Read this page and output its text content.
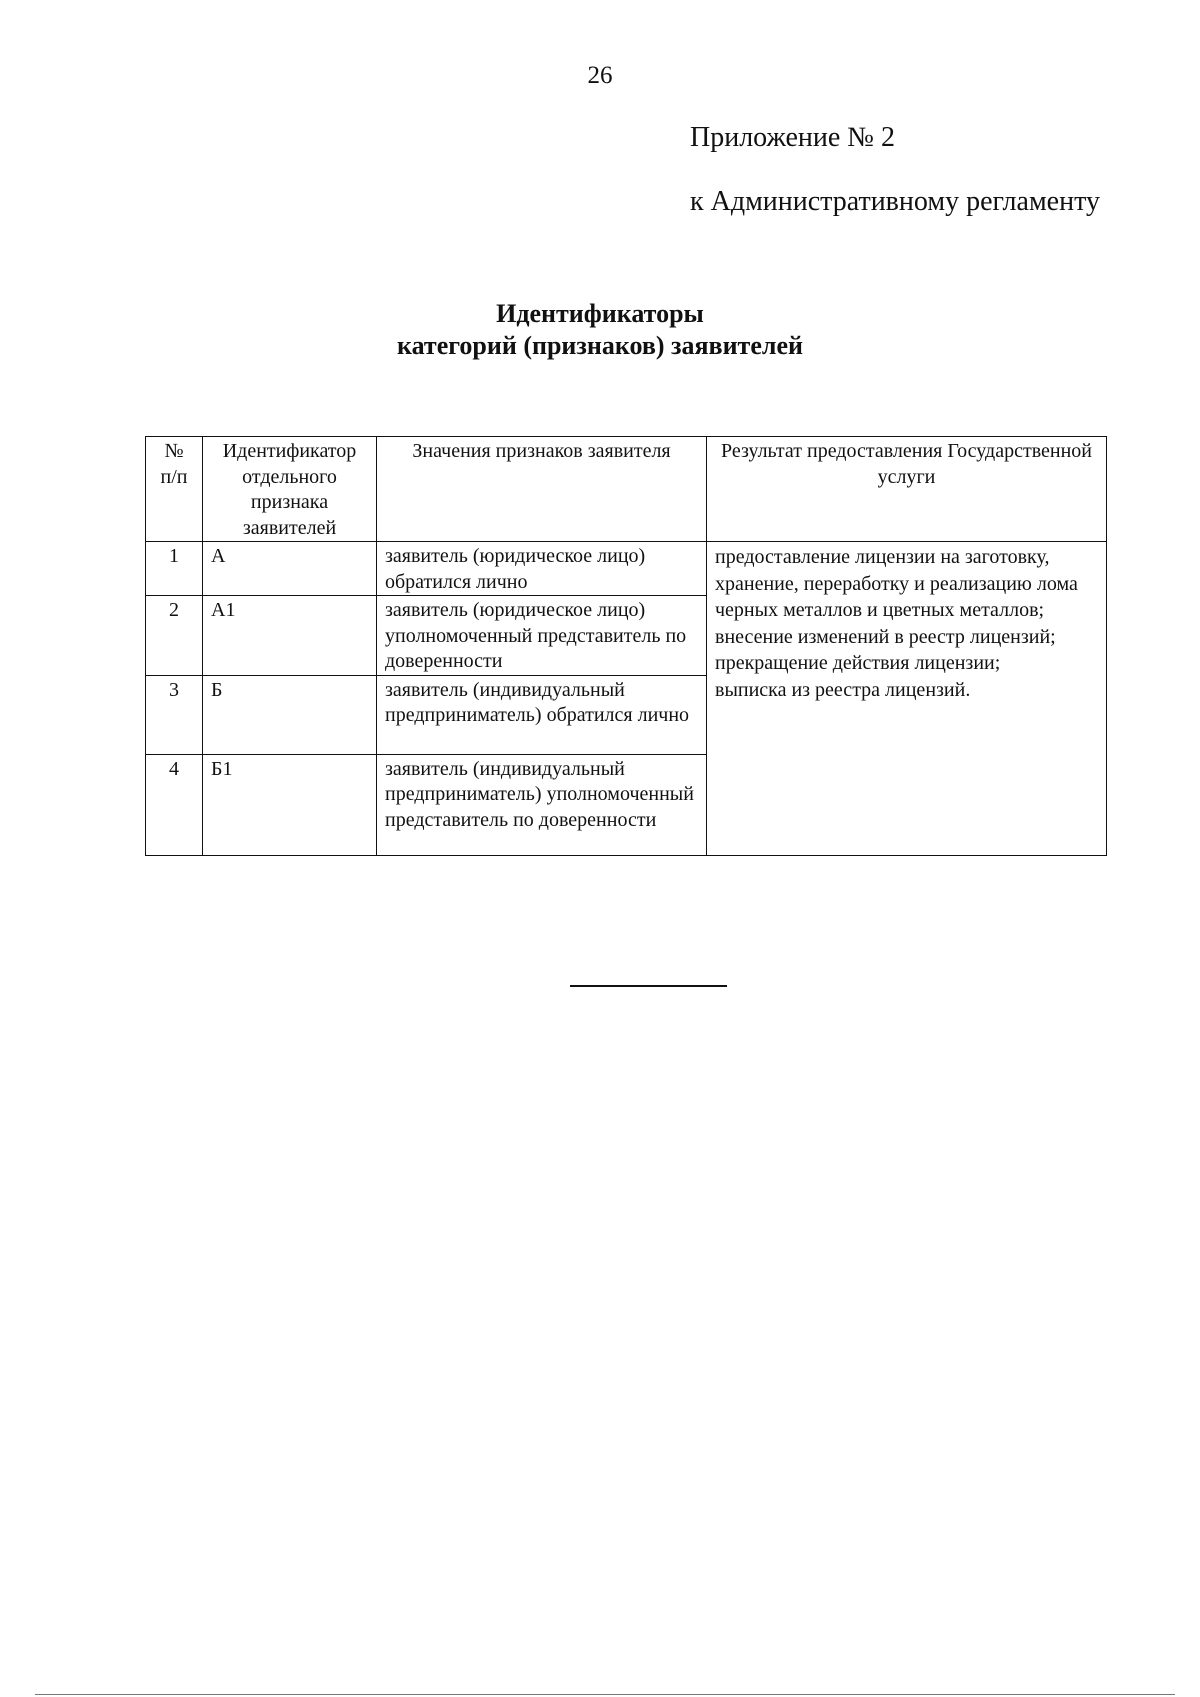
26
Приложение № 2
к Административному регламенту
Идентификаторы
категорий (признаков) заявителей
№ п/п	Идентификатор отдельного признака заявителей	Значения признаков заявителя	Результат предоставления Государственной услуги
1	А	заявитель (юридическое лицо) обратился лично	предоставление лицензии на заготовку, хранение, переработку и реализацию лома черных металлов и цветных металлов;
внесение изменений в реестр лицензий;
прекращение действия лицензии;
выписка из реестра лицензий.

2	А1	заявитель (юридическое лицо) уполномоченный представитель по доверенности	
3	Б	заявитель (индивидуальный предприниматель) обратился лично	
4	Б1	заявитель (индивидуальный предприниматель) уполномоченный представитель по доверенности	
